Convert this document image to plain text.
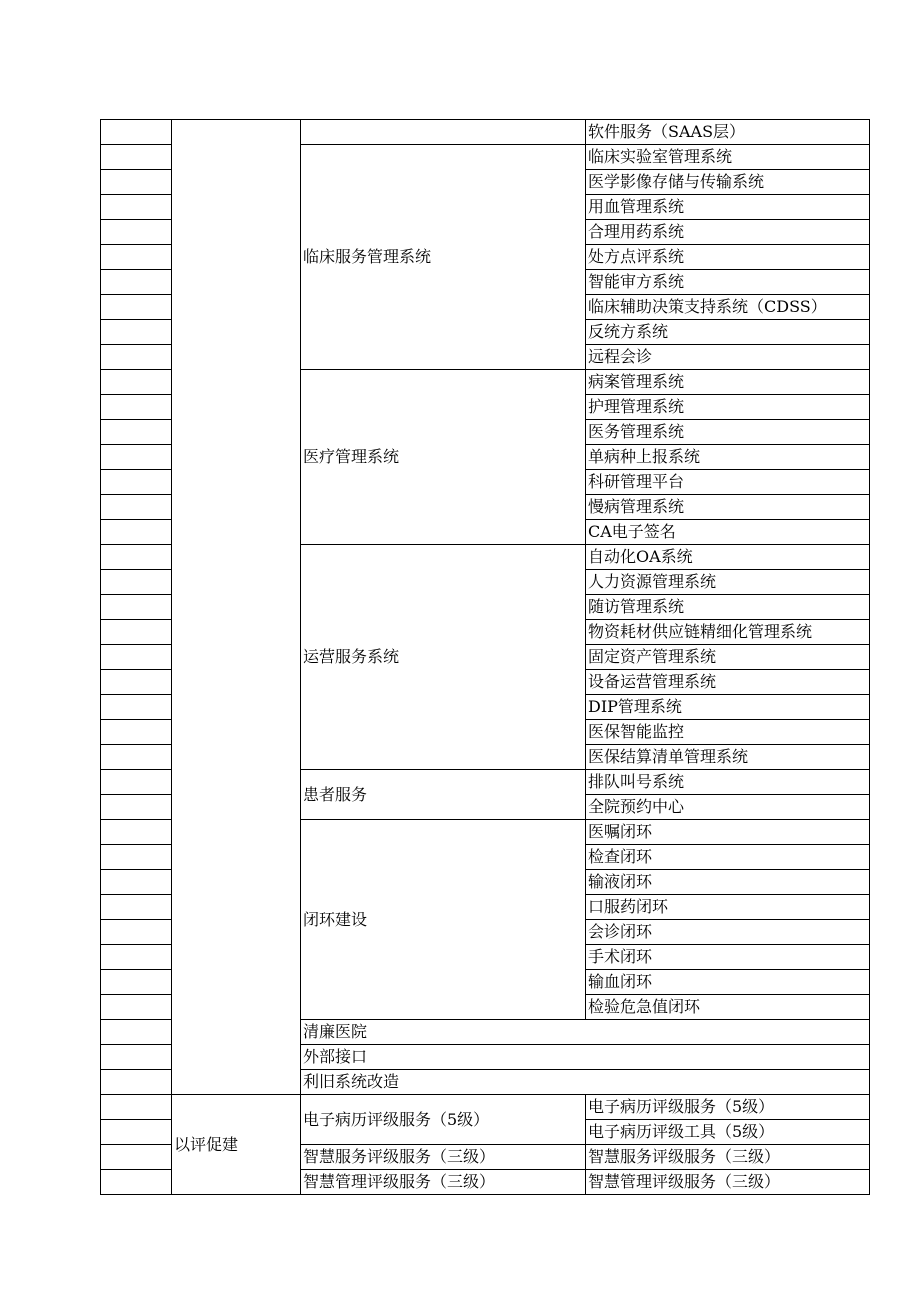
			软件服务（SAAS层）
		临床服务管理系统	临床实验室管理系统
			医学影像存储与传输系统
			用血管理系统
			合理用药系统
			处方点评系统
			智能审方系统
			临床辅助决策支持系统（CDSS）
			反统方系统
			远程会诊
		医疗管理系统	病案管理系统
			护理管理系统
			医务管理系统
			单病种上报系统
			科研管理平台
			慢病管理系统
			CA电子签名
		运营服务系统	自动化OA系统
			人力资源管理系统
			随访管理系统
			物资耗材供应链精细化管理系统
			固定资产管理系统
			设备运营管理系统
			DIP管理系统
			医保智能监控
			医保结算清单管理系统
		患者服务	排队叫号系统
			全院预约中心
		闭环建设	医嘱闭环
			检查闭环
			输液闭环
			口服药闭环
			会诊闭环
			手术闭环
			输血闭环
			检验危急值闭环
		清廉医院	
		外部接口	
		利旧系统改造	
	以评促建	电子病历评级服务（5级）	电子病历评级服务（5级）
			电子病历评级工具（5级）
		智慧服务评级服务（三级）	智慧服务评级服务（三级）
		智慧管理评级服务（三级）	智慧管理评级服务（三级）
